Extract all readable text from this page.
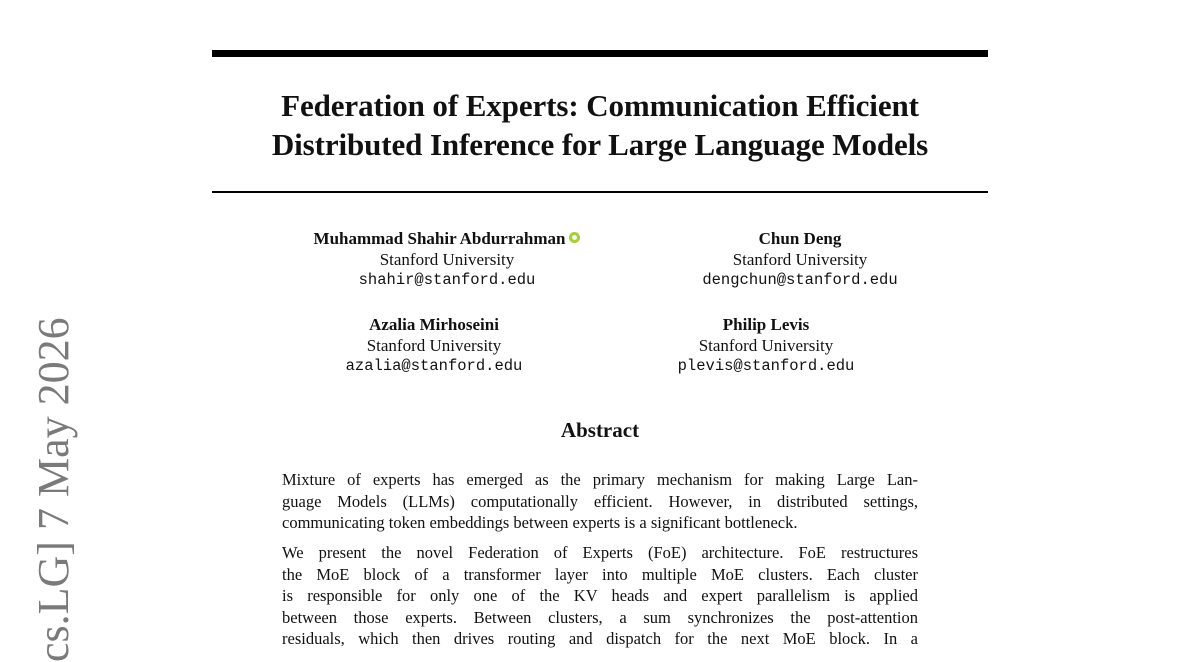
Federation of Experts: Communication Efficient
Distributed Inference for Large Language Models
cs.LG] 7 May 2026
Muhammad Shahir Abdurrahman
Stanford University
shahir@stanford.edu
Chun Deng
Stanford University
dengchun@stanford.edu
Azalia Mirhoseini
Stanford University
azalia@stanford.edu
Philip Levis
Stanford University
plevis@stanford.edu
Abstract
Mixture of experts has emerged as the primary mechanism for making Large Lan-
guage Models (LLMs) computationally efficient. However, in distributed settings,
communicating token embeddings between experts is a significant bottleneck.
We present the novel Federation of Experts (FoE) architecture. FoE restructures
the MoE block of a transformer layer into multiple MoE clusters. Each cluster
is responsible for only one of the KV heads and expert parallelism is applied
between those experts. Between clusters, a sum synchronizes the post-attention
residuals, which then drives routing and dispatch for the next MoE block. In a
